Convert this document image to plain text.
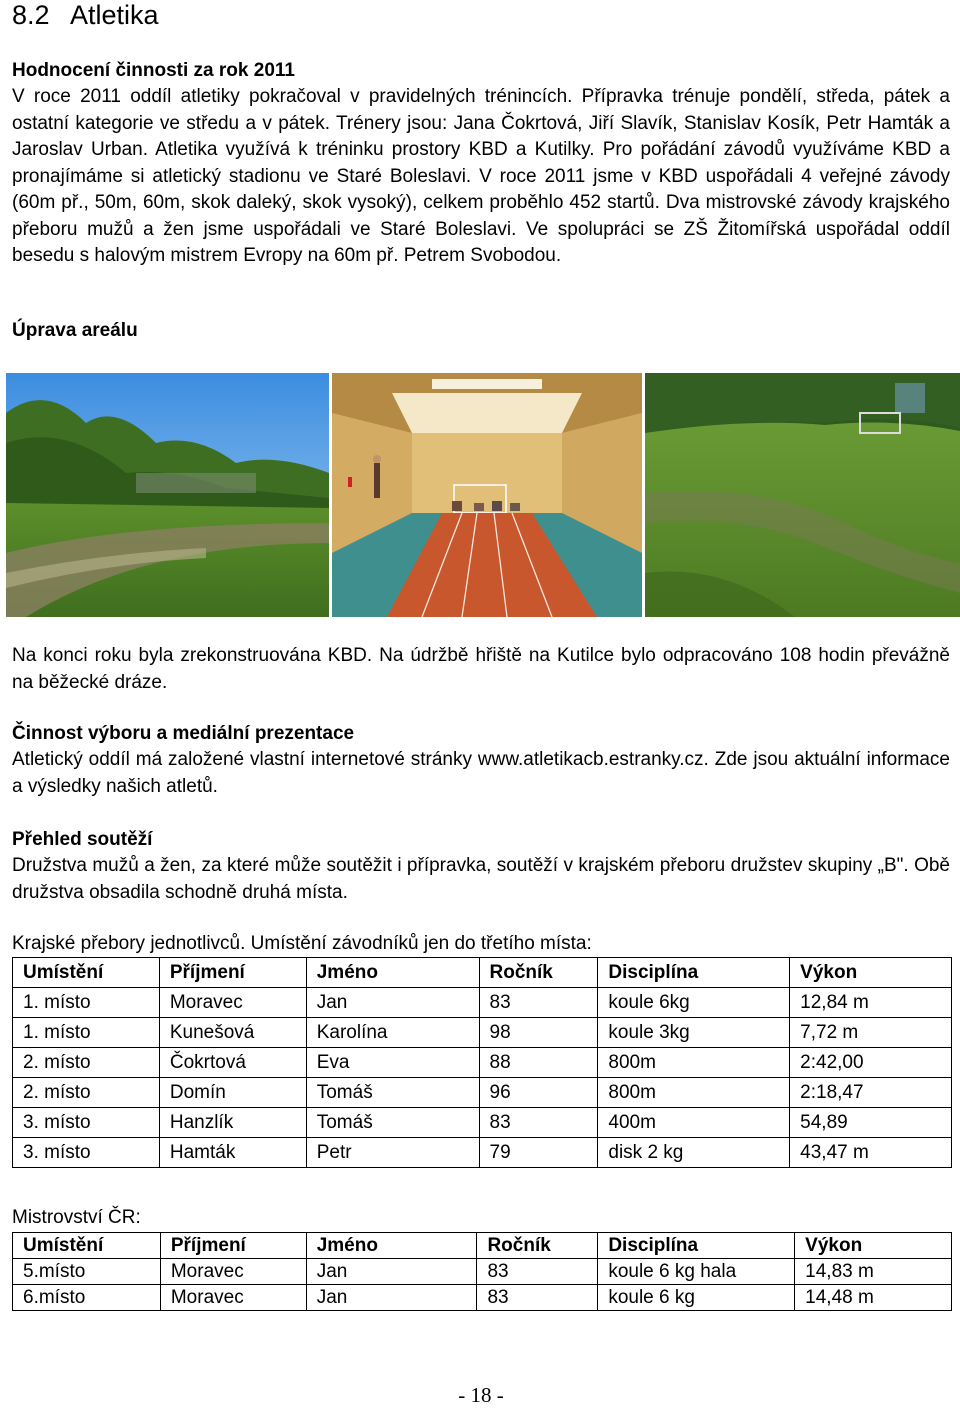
8.2 Atletika

Hodnocení činnosti za rok 2011

V roce 2011 oddíl atletiky pokračoval v pravidelných trénincích. Přípravka trénuje pondělí, středa, pátek a ostatní kategorie ve středu a v pátek. Trénery jsou: Jana Čokrtová, Jiří Slavík, Stanislav Kosík, Petr Hamták a Jaroslav Urban. Atletika využívá k tréninku prostory KBD a Kutilky. Pro pořádání závodů využíváme KBD a pronajímáme si atletický stadionu ve Staré Boleslavi. V roce 2011 jsme v KBD uspořádali 4 veřejné závody (60m př., 50m, 60m, skok daleký, skok vysoký), celkem proběhlo 452 startů. Dva mistrovské závody krajského přeboru mužů a žen jsme uspořádali ve Staré Boleslavi. Ve spolupráci se ZŠ Žitomířská uspořádal oddíl besedu s halovým mistrem Evropy na 60m př. Petrem Svobodou.

Úprava areálu

Na konci roku byla zrekonstruována KBD. Na údržbě hřiště na Kutilce bylo odpracováno 108 hodin převážně na běžecké dráze.

Činnost výboru a mediální prezentace

Atletický oddíl má založené vlastní internetové stránky www.atletikacb.estranky.cz. Zde jsou aktuální informace a výsledky našich atletů.

Přehled soutěží

Družstva mužů a žen, za které může soutěžit i přípravka, soutěží v krajském přeboru družstev skupiny „B". Obě družstva obsadila schodně druhá místa.

Krajské přebory jednotlivců. Umístění závodníků jen do třetího místa:

Umístění	Příjmení	Jméno	Ročník	Disciplína	Výkon
1. místo	Moravec	Jan	83	koule 6kg	12,84 m
1. místo	Kunešová	Karolína	98	koule 3kg	7,72 m
2. místo	Čokrtová	Eva	88	800m	2:42,00
2. místo	Domín	Tomáš	96	800m	2:18,47
3. místo	Hanzlík	Tomáš	83	400m	54,89
3. místo	Hamták	Petr	79	disk 2 kg	43,47 m

Mistrovství ČR:

Umístění	Příjmení	Jméno	Ročník	Disciplína	Výkon
5.místo	Moravec	Jan	83	koule 6 kg hala	14,83 m
6.místo	Moravec	Jan	83	koule 6 kg	14,48 m
- 18 -
